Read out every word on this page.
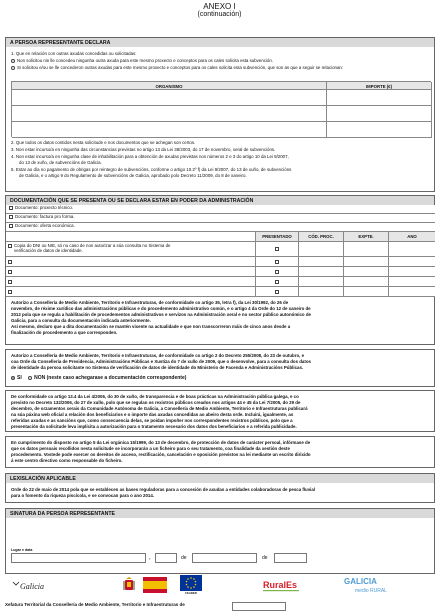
ANEXO I
(continuación)
A PERSOA REPRESENTANTE DECLARA
1. Que en relación con outras axudas concedidas ou solicitadas:
Non solicitou nin lle concedeu ningunha outra axuda para este mesmo proxecto e conceptos para os cales solicita esta subvención.
Si solicitou e/ou se lle concederon outras axudas para este mesmo proxecto e conceptos para os cales solicita esta subvención, que son as que a seguir se relacionan:
ORGANISMO	IMPORTE (€)
2. Que todos os datos contidos nesta solicitude e nos documentos que se achegan son certos.
3. Non estar incurso/a en ningunha das circunstancias previstas no artigo 13 da Lei 38/2003, do 17 de novembro, xeral de subvencións.
4. Non estar incurso/a en ningunha clase de inhabilitación para a obtención de axudas previstas nos números 2 e 3 do artigo 10 da Lei 9/2007,
do 13 de xuño, de subvencións de Galicia.
5. Estar ao día no pagamento de obrigas por reintegro de subvencións, conforme o artigo 10.2º f) da Lei 9/2007, do 13 de xuño, de subvencións
de Galicia, e o artigo 9 do Regulamento de subvencións de Galicia, aprobado polo Decreto 11/2009, do 8 de xaneiro.
DOCUMENTACIÓN QUE SE PRESENTA OU SE DECLARA ESTAR EN PODER DA ADMINISTRACIÓN
Documento: proxecto técnico.
Documento: factura pro forma.
Documento: oferta económica.
PRESENTADO	CÓD. PROC.	EXPTE.	ANO
Copia do DNI ou NIE, só no caso de non autorizar a súa consulta no Sistema de
verificación de datos de identidade.
Autorizo a Consellería de Medio Ambiente, Territorio e Infraestruturas, de conformidade co artigo 35, letra f), da Lei 30/1992, do 26 de
novembro, de réxime xurídico das administracións públicas e do procedemento administrativo común, e o artigo 4 da Orde do 12 de xaneiro de
2012 pola que se regula a habilitación de procedementos administrativos e servizos na Administración xeral e no sector público autonómico de
Galicia, para a consulta da documentación indicada anteriormente.
Así mesmo, declaro que a dita documentación se mantén vixente na actualidade e que non transcorreron máis de cinco anos desde a
finalización do procedemento a que corresponden.
Autorizo a Consellería de Medio Ambiente, Territorio e Infraestruturas, de conformidade co artigo 2 do Decreto 255/2008, do 23 de outubro, e
coa Orde da Consellería de Presidencia, Administracións Públicas e Xustiza do 7 de xullo de 2009, que o desenvolve, para a consulta dos datos
de identidade da persoa solicitante no Sistema de verificación de datos de identidade do Ministerio de Facenda e Administracións Públicas.
SI NON (neste caso achegarase a documentación correspondente)
De conformidade co artigo 13.4 da Lei 4/2006, do 30 de xuño, de transparencia e de boas prácticas na Administración pública galega, e co
previsto no Decreto 132/2006, do 27 de xullo, polo que se regulan os rexistros públicos creados nos artigos 44 e 45 da Lei 7/2005, do 29 de
decembro, de orzamentos xerais da Comunidade Autónoma de Galicia, a Consellería de Medio Ambiente, Territorio e Infraestruturas publicará
na súa páxina web oficial a relación dos beneficiarios e o importe das axudas concedidas ao abeiro desta orde. Incluirá, igualmente, as
referidas axudas e as sancións que, como consecuencia delas, se poidan impoñer nos correspondentes rexistros públicos, polo que a
presentación da solicitude leva implícita a autorización para o tratamento necesario dos datos dos beneficiarios e a referida publicidade.
En cumprimento do disposto no artigo 5 da Lei orgánica 15/1999, do 13 de decembro, de protección de datos de carácter persoal, infórmase de
que os datos persoais recollidos nesta solicitude se incorporarán a un ficheiro para o seu tratamento, coa finalidade da xestión deste
procedemento. Vostede pode exercer os dereitos de acceso, rectificación, cancelación e oposición previstos na lei mediante un escrito dirixido
á este centro directivo como responsable do ficheiro.
LEXISLACIÓN APLICABLE
Orde do 22 de maio de 2014 pola que se establecen as bases reguladoras para a concesión de axudas a entidades colaboradoras de pesca fluvial
para o fomento da riqueza piscícola, e se convocan para o ano 2014.
SINATURA DA PERSOA REPRESENTANTE
Lugar e data
,	de	de
Galicia
FEADER
RuralEs	GALICIA
medio RURAL
Xefatura Territorial da Consellería de Medio Ambiente, Territorio e Infraestruturas de
